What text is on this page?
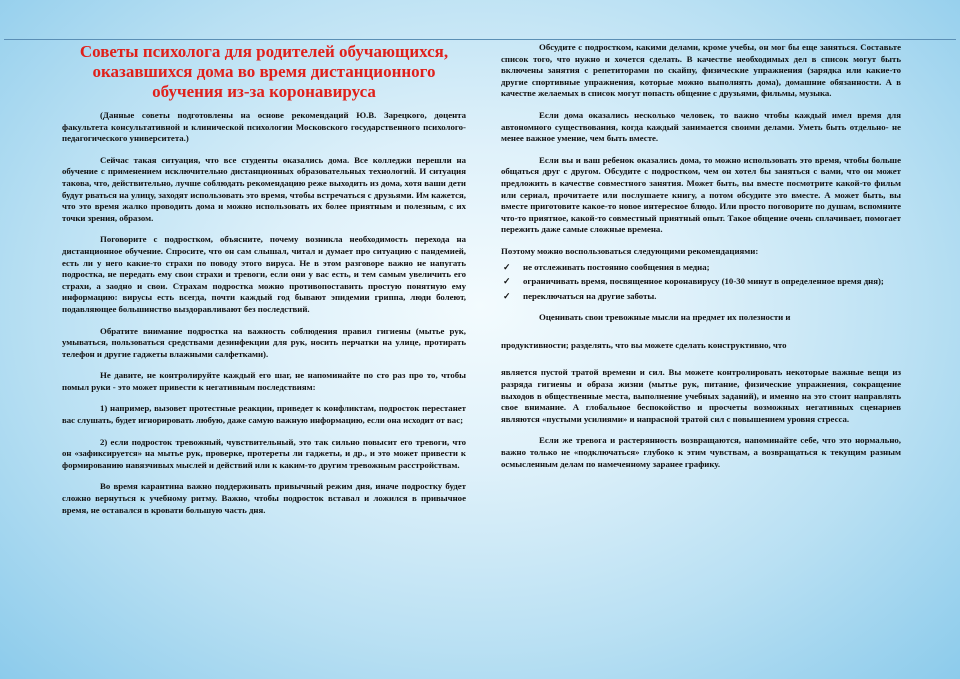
Советы психолога для родителей обучающихся, оказавшихся дома во время дистанционного обучения из-за коронавируса

(Данные советы подготовлены на основе рекомендаций Ю.В. Зарецкого, доцента факультета консультативной и клинической психологии Московского государственного психолого-педагогического университета.)

Сейчас такая ситуация, что все студенты оказались дома. Все колледжи перешли на обучение с применением исключительно дистанционных образовательных технологий. И ситуация такова, что, действительно, лучше соблюдать рекомендацию реже выходить из дома, хотя ваши дети будут рваться на улицу, заходят использовать это время, чтобы встречаться с друзьями. Им кажется, что это время жалко проводить дома и можно использовать их более приятным и полезным, с их точки зрения, образом.

Поговорите с подростком, объясните, почему возникла необходимость перехода на дистанционное обучение. Спросите, что он сам слышал, читал и думает про ситуацию с пандемией, есть ли у него какие-то страхи по поводу этого вируса. Не в этом разговоре важно не напугать подростка, не передать ему свои страхи и тревоги, если они у вас есть, и тем самым увеличить его страхи, а заодно и свои. Страхам подростка можно противопоставить простую понятную ему информацию: вирусы есть всегда, почти каждый год бывают эпидемии гриппа, люди болеют, подавляющее большинство выздоравливают без последствий.

Обратите внимание подростка на важность соблюдения правил гигиены (мытье рук, умываться, пользоваться средствами дезинфекции для рук, носить перчатки на улице, протирать телефон и другие гаджеты влажными салфетками).

Не давите, не контролируйте каждый его шаг, не напоминайте по сто раз про то, чтобы помыл руки - это может привести к негативным последствиям:

1) например, вызовет протестные реакции, приведет к конфликтам, подросток перестанет вас слушать, будет игнорировать любую, даже самую важную информацию, если она исходит от вас;

2) если подросток тревожный, чувствительный, это так сильно повысит его тревоги, что он «зафиксируется» на мытье рук, проверке, протереты ли гаджеты, и др., и это может привести к формированию навязчивых мыслей и действий или к каким-то другим тревожным расстройствам.

Во время карантина важно поддерживать привычный режим дня, иначе подростку будет сложно вернуться к учебному ритму. Важно, чтобы подросток вставал и ложился в привычное время, не оставался в кровати большую часть дня.

Обсудите с подростком, какими делами, кроме учебы, он мог бы еще заняться. Составьте список того, что нужно и хочется сделать. В качестве необходимых дел в список могут быть включены занятия с репетиторами по скайпу, физические упражнения (зарядка или какие-то другие спортивные упражнения, которые можно выполнять дома), домашние обязанности. А в качестве желаемых в список могут попасть общение с друзьями, фильмы, музыка.

Если дома оказались несколько человек, то важно чтобы каждый имел время для автономного существования, когда каждый занимается своими делами. Уметь быть отдельно- не менее важное умение, чем быть вместе.

Если вы и ваш ребенок оказались дома, то можно использовать это время, чтобы больше общаться друг с другом. Обсудите с подростком, чем он хотел бы заняться с вами, что он может предложить в качестве совместного занятия. Может быть, вы вместе посмотрите какой-то фильм или сериал, прочитаете или послушаете книгу, а потом обсудите это вместе. А может быть, вы вместе приготовите какое-то новое интересное блюдо. Или просто поговорите по душам, вспомните что-то приятное, какой-то совместный приятный опыт. Такое общение очень сплачивает, помогает пережить даже самые сложные времена.

Поэтому можно воспользоваться следующими рекомендациями:

✓ не отслеживать постоянно сообщения в медиа;
✓ ограничивать время, посвященное коронавирусу (10-30 минут в определенное время дня);
✓ переключаться на другие заботы.

Оценивать свои тревожные мысли на предмет их полезности и

продуктивности; разделять, что вы можете сделать конструктивно, что

является пустой тратой времени и сил. Вы можете контролировать некоторые важные вещи из разряда гигиены и образа жизни (мытье рук, питание, физические упражнения, сокращение выходов в общественные места, выполнение учебных заданий), и именно на это стоит направлять свое внимание. А глобальное беспокойство и просчеты возможных негативных сценариев являются «пустыми усилиями» и напрасной тратой сил с повышением уровня стресса.

Если же тревога и растерянность возвращаются, напоминайте себе, что это нормально, важно только не «подключаться» глубоко к этим чувствам, а возвращаться к текущим разным осмысленным делам по намеченному заранее графику.
